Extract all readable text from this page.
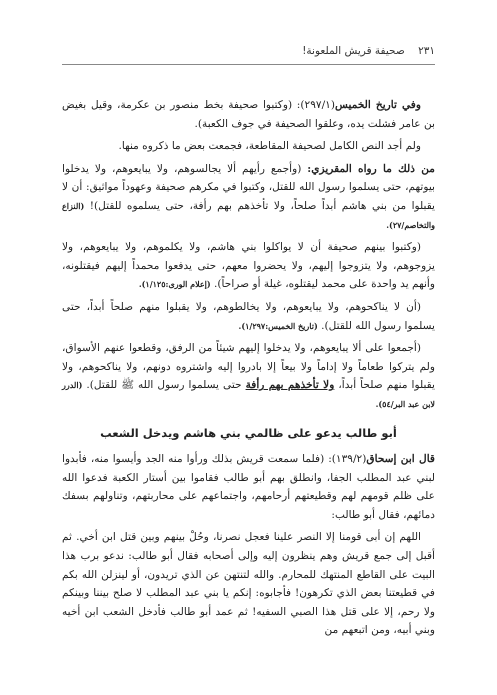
٢٣١ صحيفة قريش الملعونة!

وفي تاريخ الخميس(٢٩٧/١): (وكتبوا صحيفة بخط منصور بن عكرمة، وقيل بغيض بن عامر فشلت يده، وعلقوا الصحيفة في جوف الكعبة).

ولم أجد النص الكامل لصحيفة المقاطعة، فجمعت بعض ما ذكروه منها.

من ذلك ما رواه المقريزي: (وأجمع رأيهم ألا يجالسوهم، ولا يبايعوهم، ولا يدخلوا بيوتهم، حتى يسلموا رسول الله للقتل، وكتبوا في مكرهم صحيفة وعهوداً مواثيق: أن لا يقبلوا من بني هاشم أبداً صلحاً، ولا تأخذهم بهم رأفة، حتى يسلموه للقتل)! (النزاع والتخاصم/٢٧).

(وكتبوا بينهم صحيفة أن لا يواكلوا بني هاشم، ولا يكلموهم، ولا يبايعوهم، ولا يزوجوهم، ولا يتزوجوا إليهم، ولا يحضروا معهم، حتى يدفعوا محمداً إليهم فيقتلونه، وأنهم يد واحدة على محمد ليقتلوه، غيلة أو صراحاً). (إعلام الورى:١/١٢٥).

(أن لا يناكحوهم، ولا يبايعوهم، ولا يخالطوهم، ولا يقبلوا منهم صلحاً أبداً، حتى يسلموا رسول الله للقتل). (تاريخ الخميس:١/٢٩٧).

(أجمعوا على ألا يبايعوهم، ولا يدخلوا إليهم شيئاً من الرفق، وقطعوا عنهم الأسواق، ولم يتركوا طعاماً ولا إداماً ولا بيعاً إلا بادروا إليه واشتروه دونهم، ولا يناكحوهم، ولا يقبلوا منهم صلحاً أبداً، ولا تأخذهم بهم رأفة حتى يسلموا رسول الله ﷺ للقتل). (الدرر لابن عبد البر/٥٤).

أبو طالب يدعو على ظالمي بني هاشم ويدخل الشعب

قال ابن إسحاق(١٣٩/٢): (فلما سمعت قريش بذلك ورأوا منه الجد وأيسوا منه، فأبدوا لبني عبد المطلب الجفا، وانطلق بهم أبو طالب فقاموا بين أستار الكعبة فدعوا الله على ظلم قومهم لهم وقطيعتهم أرحامهم، واجتماعهم على محاربتهم، وتناولهم بسفك دمائهم، فقال أبو طالب:

اللهم إن أبى قومنا إلا النصر علينا فعجل نصرنا، وحُلْ بينهم وبين قتل ابن أخي. ثم أقبل إلى جمع قريش وهم ينظرون إليه وإلى أصحابه فقال أبو طالب: ندعو برب هذا البيت على القاطع المنتهك للمحارم. والله لتنتهن عن الذي تريدون، أو لينزلن الله بكم في قطيعتنا بعض الذي تكرهون! فأجابوه: إنكم يا بني عبد المطلب لا صلح بيننا وبينكم ولا رحم، إلا على قتل هذا الصبي السفيه! ثم عمد أبو طالب فأدخل الشعب ابن أخيه وبني أبيه، ومن اتبعهم من
